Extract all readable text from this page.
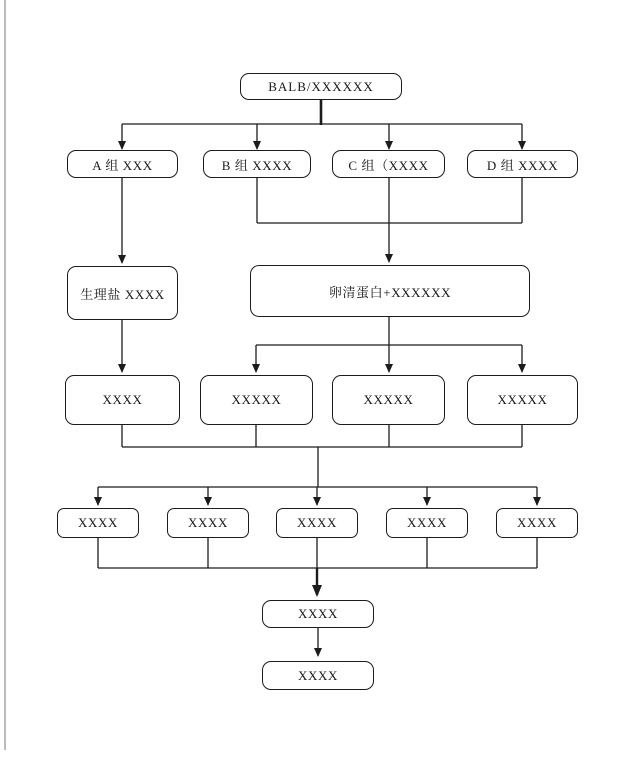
BALB/XXXXXX
A 组 XXX	B 组 XXXX	C 组（XXXX	D 组 XXXX
生理盐 XXXX	卵清蛋白+XXXXXX
XXXX	XXXXX	XXXXX	XXXXX
XXXX	XXXX	XXXX	XXXX	XXXX
XXXX
XXXX
